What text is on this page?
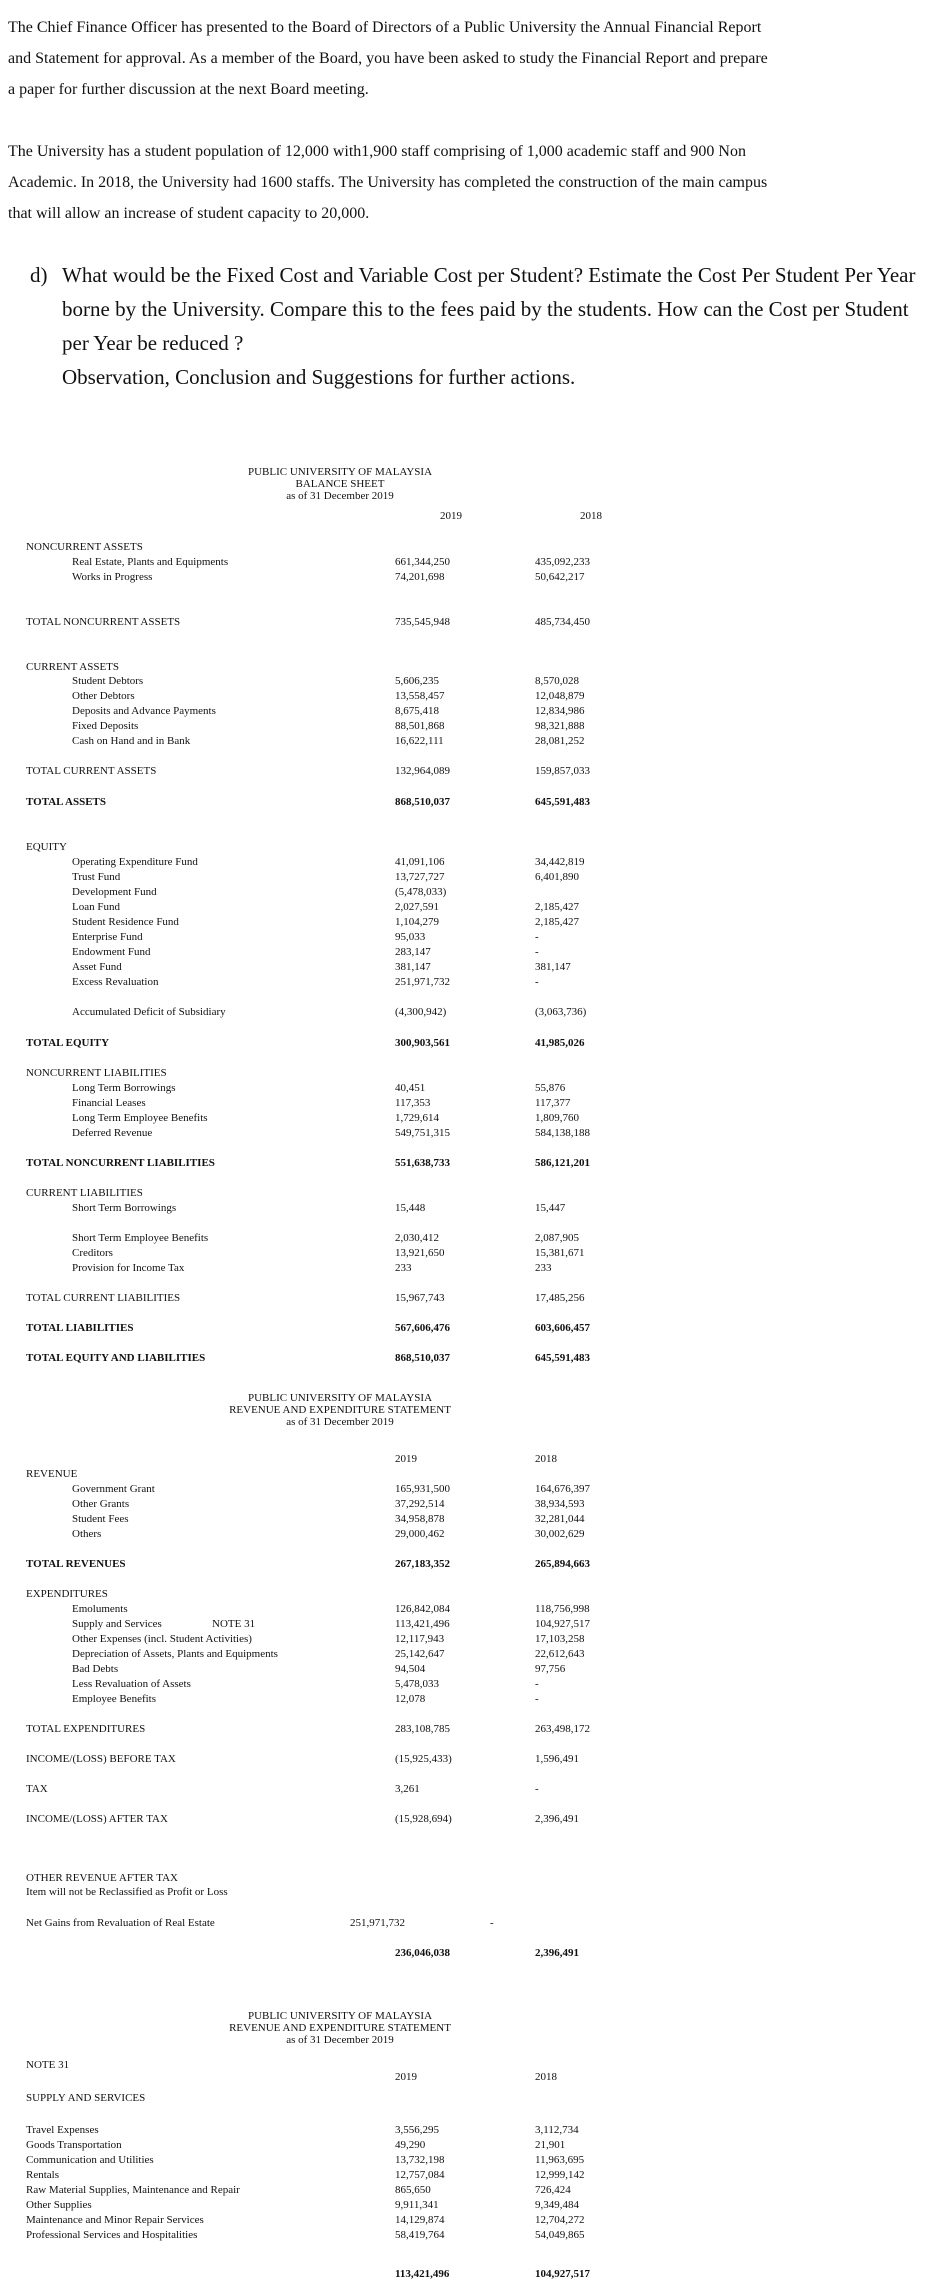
The Chief Finance Officer has presented to the Board of Directors of a Public University the Annual Financial Report and Statement for approval. As a member of the Board, you have been asked to study the Financial Report and prepare a paper for further discussion at the next Board meeting.

The University has a student population of 12,000 with1,900 staff comprising of 1,000 academic staff and 900 Non Academic. In 2018, the University had 1600 staffs. The University has completed the construction of the main campus that will allow an increase of student capacity to 20,000.

d) What would be the Fixed Cost and Variable Cost per Student? Estimate the Cost Per Student Per Year borne by the University. Compare this to the fees paid by the students. How can the Cost per Student per Year be reduced ?
Observation, Conclusion and Suggestions for further actions.
PUBLIC UNIVERSITY OF MALAYSIA
BALANCE SHEET
as of 31 December 2019
2019	2018
NONCURRENT ASSETS
Real Estate, Plants and Equipments	661,344,250	435,092,233
Works in Progress	74,201,698	50,642,217
TOTAL NONCURRENT ASSETS	735,545,948	485,734,450
CURRENT ASSETS
Student Debtors	5,606,235	8,570,028
Other Debtors	13,558,457	12,048,879
Deposits and Advance Payments	8,675,418	12,834,986
Fixed Deposits	88,501,868	98,321,888
Cash on Hand and in Bank	16,622,111	28,081,252
TOTAL CURRENT ASSETS	132,964,089	159,857,033
TOTAL ASSETS	868,510,037	645,591,483
EQUITY
Operating Expenditure Fund	41,091,106	34,442,819
Trust Fund	13,727,727	6,401,890
Development Fund	(5,478,033)
Loan Fund	2,027,591	2,185,427
Student Residence Fund	1,104,279	2,185,427
Enterprise Fund	95,033	-
Endowment Fund	283,147	-
Asset Fund	381,147	381,147
Excess Revaluation	251,971,732	-
Accumulated Deficit of Subsidiary	(4,300,942)	(3,063,736)
TOTAL EQUITY	300,903,561	41,985,026
NONCURRENT LIABILITIES
Long Term Borrowings	40,451	55,876
Financial Leases	117,353	117,377
Long Term Employee Benefits	1,729,614	1,809,760
Deferred Revenue	549,751,315	584,138,188
TOTAL NONCURRENT LIABILITIES	551,638,733	586,121,201
CURRENT LIABILITIES
Short Term Borrowings	15,448	15,447
Short Term Employee Benefits	2,030,412	2,087,905
Creditors	13,921,650	15,381,671
Provision for Income Tax	233	233
TOTAL CURRENT LIABILITIES	15,967,743	17,485,256
TOTAL LIABILITIES	567,606,476	603,606,457
TOTAL EQUITY AND LIABILITIES	868,510,037	645,591,483
PUBLIC UNIVERSITY OF MALAYSIA
REVENUE AND EXPENDITURE STATEMENT
as of 31 December 2019
2019	2018
REVENUE
Government Grant	165,931,500	164,676,397
Other Grants	37,292,514	38,934,593
Student Fees	34,958,878	32,281,044
Others	29,000,462	30,002,629
TOTAL REVENUES	267,183,352	265,894,663
EXPENDITURES
Emoluments	126,842,084	118,756,998
Supply and Services	NOTE 31	113,421,496	104,927,517
Other Expenses (incl. Student Activities)	12,117,943	17,103,258
Depreciation of Assets, Plants and Equipments	25,142,647	22,612,643
Bad Debts	94,504	97,756
Less Revaluation of Assets	5,478,033	-
Employee Benefits	12,078	-
TOTAL EXPENDITURES	283,108,785	263,498,172
INCOME/(LOSS) BEFORE TAX	(15,925,433)	1,596,491
TAX	3,261	-
INCOME/(LOSS) AFTER TAX	(15,928,694)	2,396,491
OTHER REVENUE AFTER TAX
Item will not be Reclassified as Profit or Loss
Net Gains from Revaluation of Real Estate	251,971,732	-
236,046,038	2,396,491
PUBLIC UNIVERSITY OF MALAYSIA
REVENUE AND EXPENDITURE STATEMENT
as of 31 December 2019
NOTE 31
2019	2018
SUPPLY AND SERVICES
Travel Expenses	3,556,295	3,112,734
Goods Transportation	49,290	21,901
Communication and Utilities	13,732,198	11,963,695
Rentals	12,757,084	12,999,142
Raw Material Supplies, Maintenance and Repair	865,650	726,424
Other Supplies	9,911,341	9,349,484
Maintenance and Minor Repair Services	14,129,874	12,704,272
Professional Services and Hospitalities	58,419,764	54,049,865
113,421,496	104,927,517
